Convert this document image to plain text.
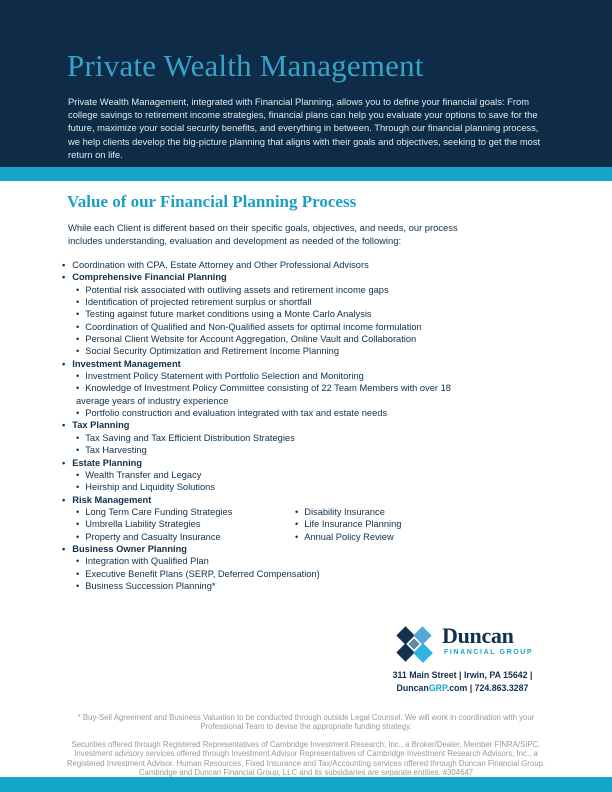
Private Wealth Management
Private Wealth Management, integrated with Financial Planning, allows you to define your financial goals: From college savings to retirement income strategies, financial plans can help you evaluate your options to save for the future, maximize your social security benefits, and everything in between. Through our financial planning process, we help clients develop the big-picture planning that aligns with their goals and objectives, seeking to get the most return on life.
Value of our Financial Planning Process
While each Client is different based on their specific goals, objectives, and needs, our process includes understanding, evaluation and development as needed of the following:
• Coordination with CPA, Estate Attorney and Other Professional Advisors
• Comprehensive Financial Planning
• Potential risk associated with outliving assets and retirement income gaps
• Identification of projected retirement surplus or shortfall
• Testing against future market conditions using a Monte Carlo Analysis
• Coordination of Qualified and Non-Qualified assets for optimal income formulation
• Personal Client Website for Account Aggregation, Online Vault and Collaboration
• Social Security Optimization and Retirement Income Planning
• Investment Management
• Investment Policy Statement with Portfolio Selection and Monitoring
• Knowledge of Investment Policy Committee consisting of 22 Team Members with over 18 average years of industry experience
• Portfolio construction and evaluation integrated with tax and estate needs
• Tax Planning
• Tax Saving and Tax Efficient Distribution Strategies
• Tax Harvesting
• Estate Planning
• Wealth Transfer and Legacy
• Heirship and Liquidity Solutions
• Risk Management
• Long Term Care Funding Strategies
• Umbrella Liability Strategies
• Property and Casualty Insurance
• Disability Insurance
• Life Insurance Planning
• Annual Policy Review
• Business Owner Planning
• Integration with Qualified Plan
• Executive Benefit Plans (SERP, Deferred Compensation)
• Business Succession Planning*
Duncan
FINANCIAL GROUP
311 Main Street | Irwin, PA 15642 |
DuncanGRP.com | 724.863.3287
* Buy-Sell Agreement and Business Valuation to be conducted through outside Legal Counsel. We will work in coordination with your Professional Team to devise the appropriate funding strategy.
Securities offered through Registered Representatives of Cambridge Investment Research, Inc., a Broker/Dealer, Member FINRA/SIPC. Investment advisory services offered through Investment Advisor Representatives of Cambridge Investment Research Advisors, Inc., a Registered Investment Advisor. Human Resources, Fixed Insurance and Tax/Accounting services offered through Duncan Financial Group. Cambridge and Duncan Financial Group, LLC and its subsidiaries are separate entities. #304647
